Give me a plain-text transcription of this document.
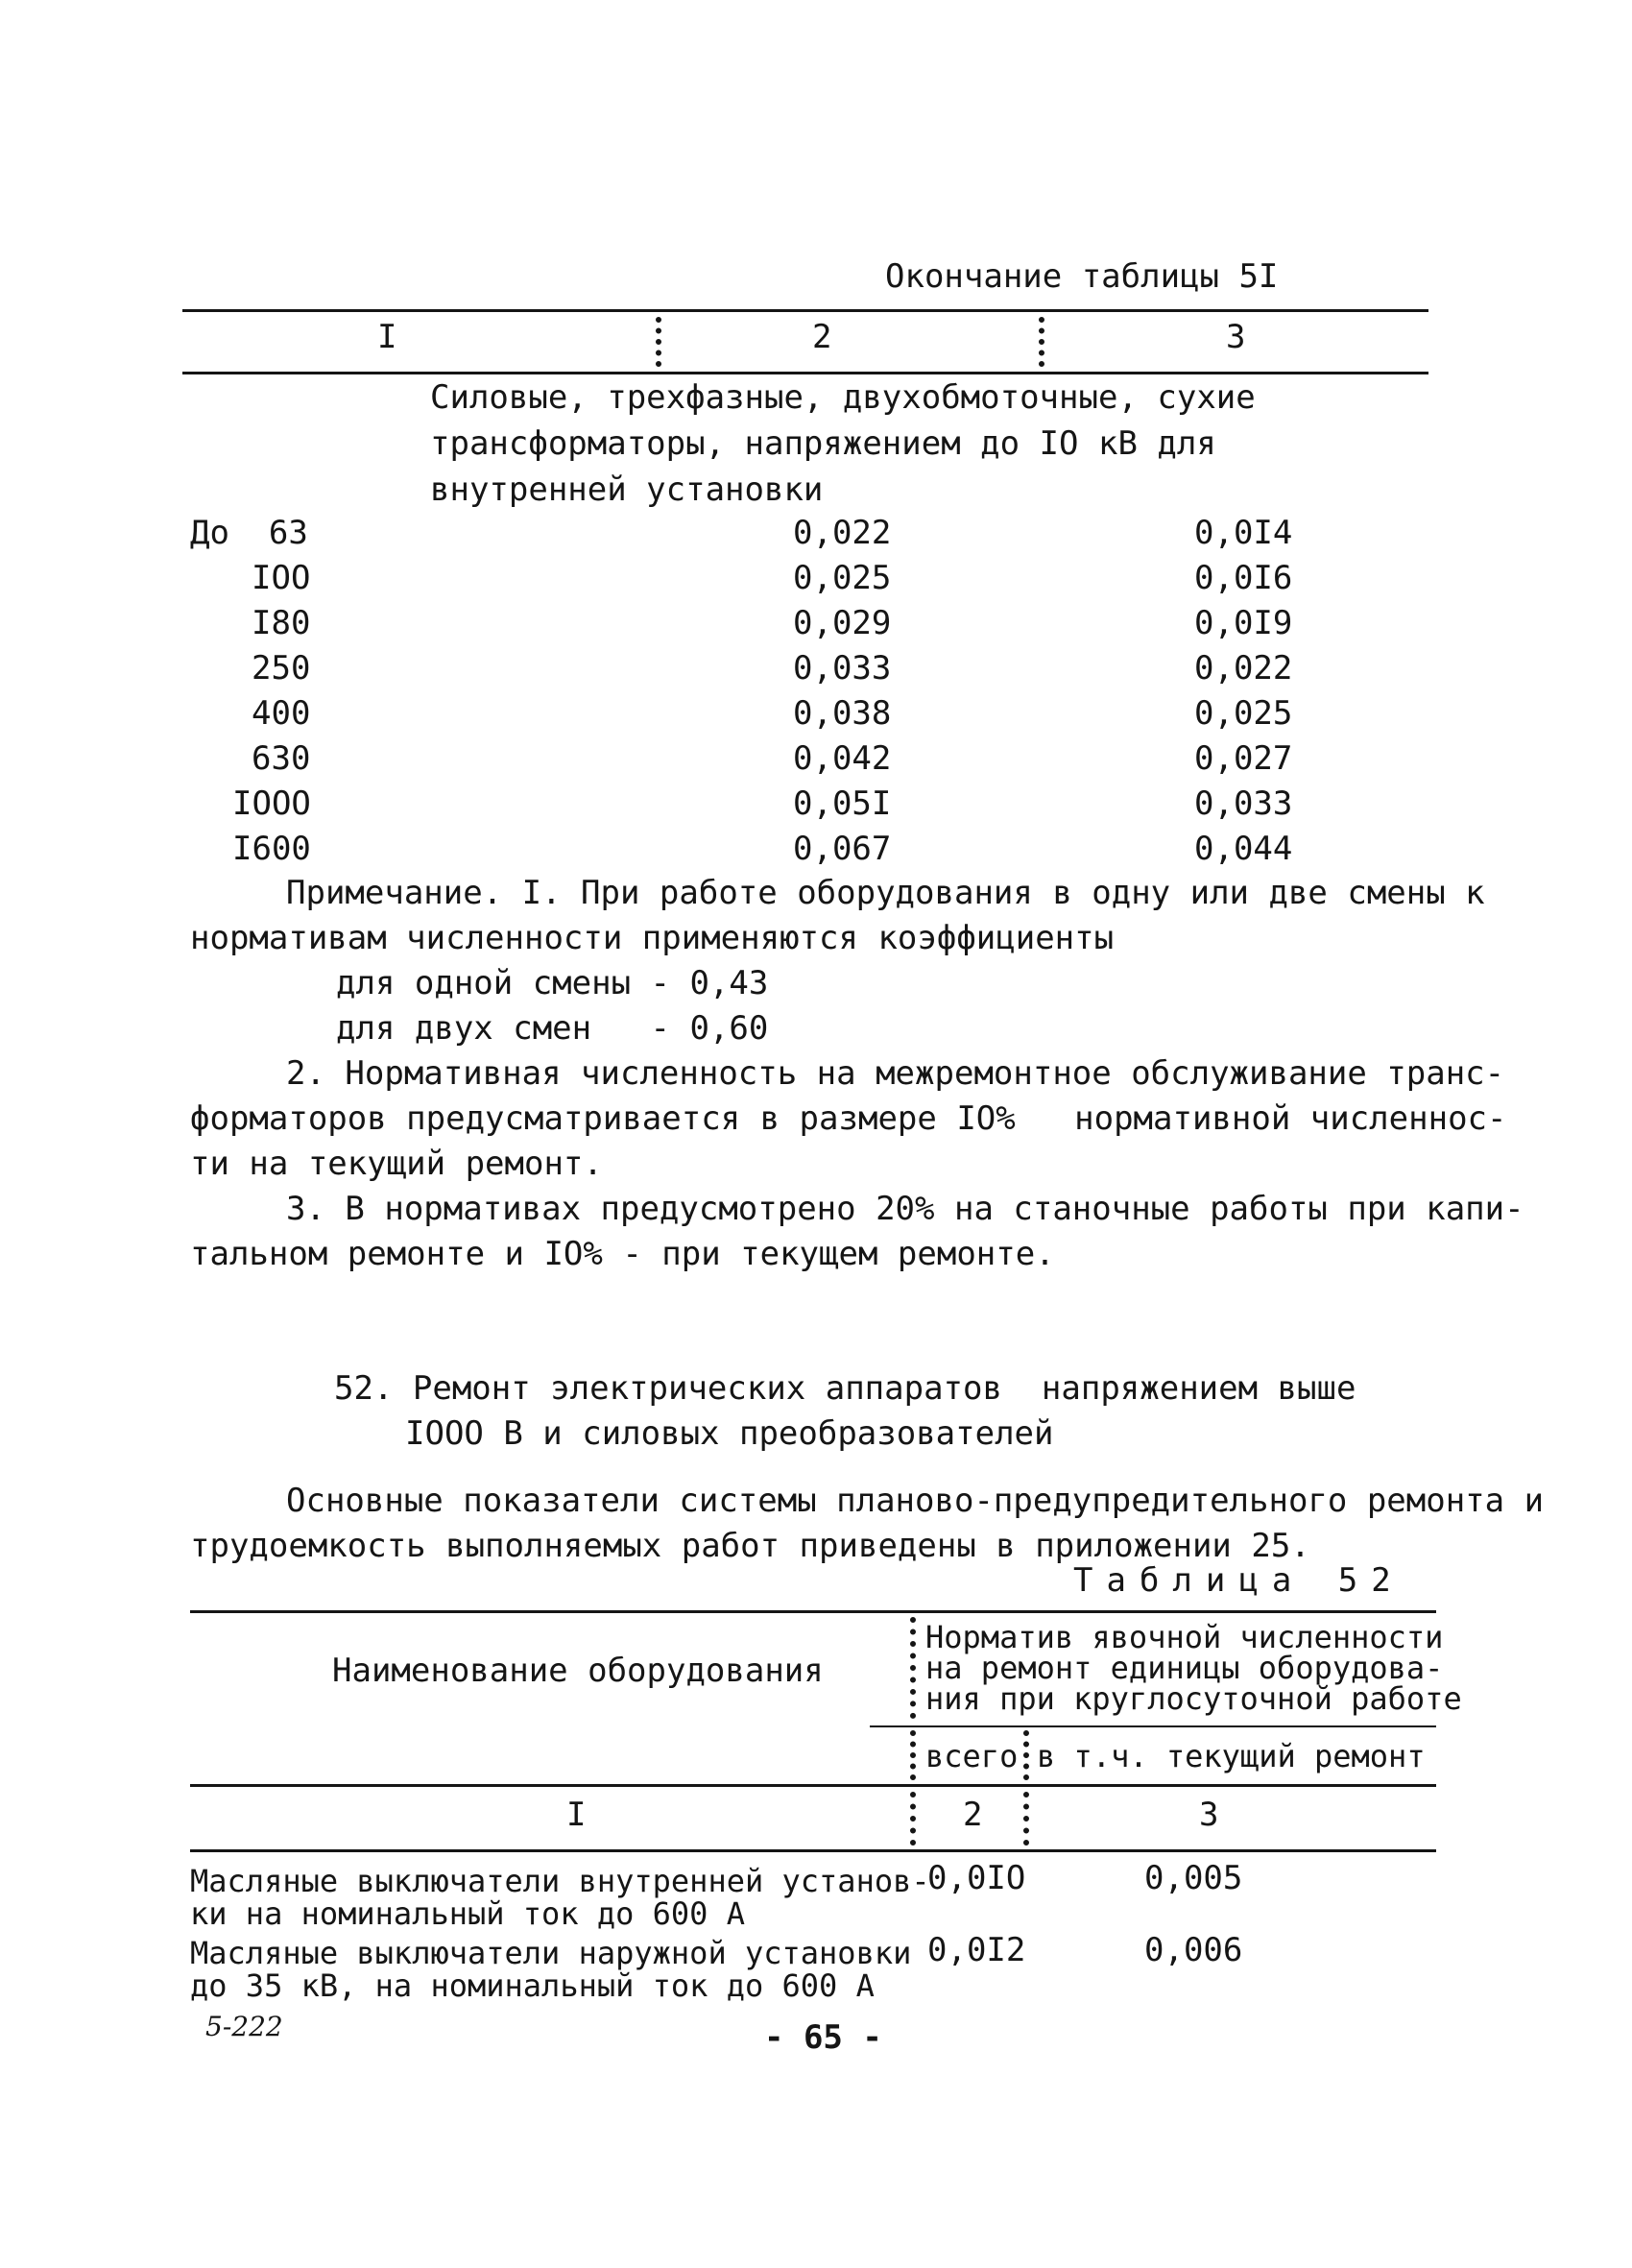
Окончание таблицы 5I
I	2	3
Силовые, трехфазные, двухобмоточные, сухие
трансформаторы, напряжением до IO кВ для
внутренней установки
До  63	0,022	0,0I4
IOO	0,025	0,0I6
I80	0,029	0,0I9
250	0,033	0,022
400	0,038	0,025
630	0,042	0,027
IOOO	0,05I	0,033
I600	0,067	0,044
Примечание. I. При работе оборудования в одну или две смены к
нормативам численности применяются коэффициенты
для одной смены - 0,43
для двух смен   - 0,60
2. Нормативная численность на межремонтное обслуживание транс-
форматоров предусматривается в размере IO%   нормативной численнос-
ти на текущий ремонт.
3. В нормативах предусмотрено 20% на станочные работы при капи-
тальном ремонте и IO% - при текущем ремонте.
52. Ремонт электрических аппаратов  напряжением выше
IOOO В и силовых преобразователей
Основные показатели системы планово-предупредительного ремонта и
трудоемкость выполняемых работ приведены в приложении 25.
Таблица 52
Наименование оборудования
Норматив явочной численности
на ремонт единицы оборудова-
ния при круглосуточной работе
всего в т.ч. текущий ремонт
I	2	3
Масляные выключатели внутренней установ-
ки на номинальный ток до 600 А
0,0IO	0,005
Масляные выключатели наружной установки
до 35 кВ, на номинальный ток до 600 А
0,0I2	0,006
5-222	- 65 -
